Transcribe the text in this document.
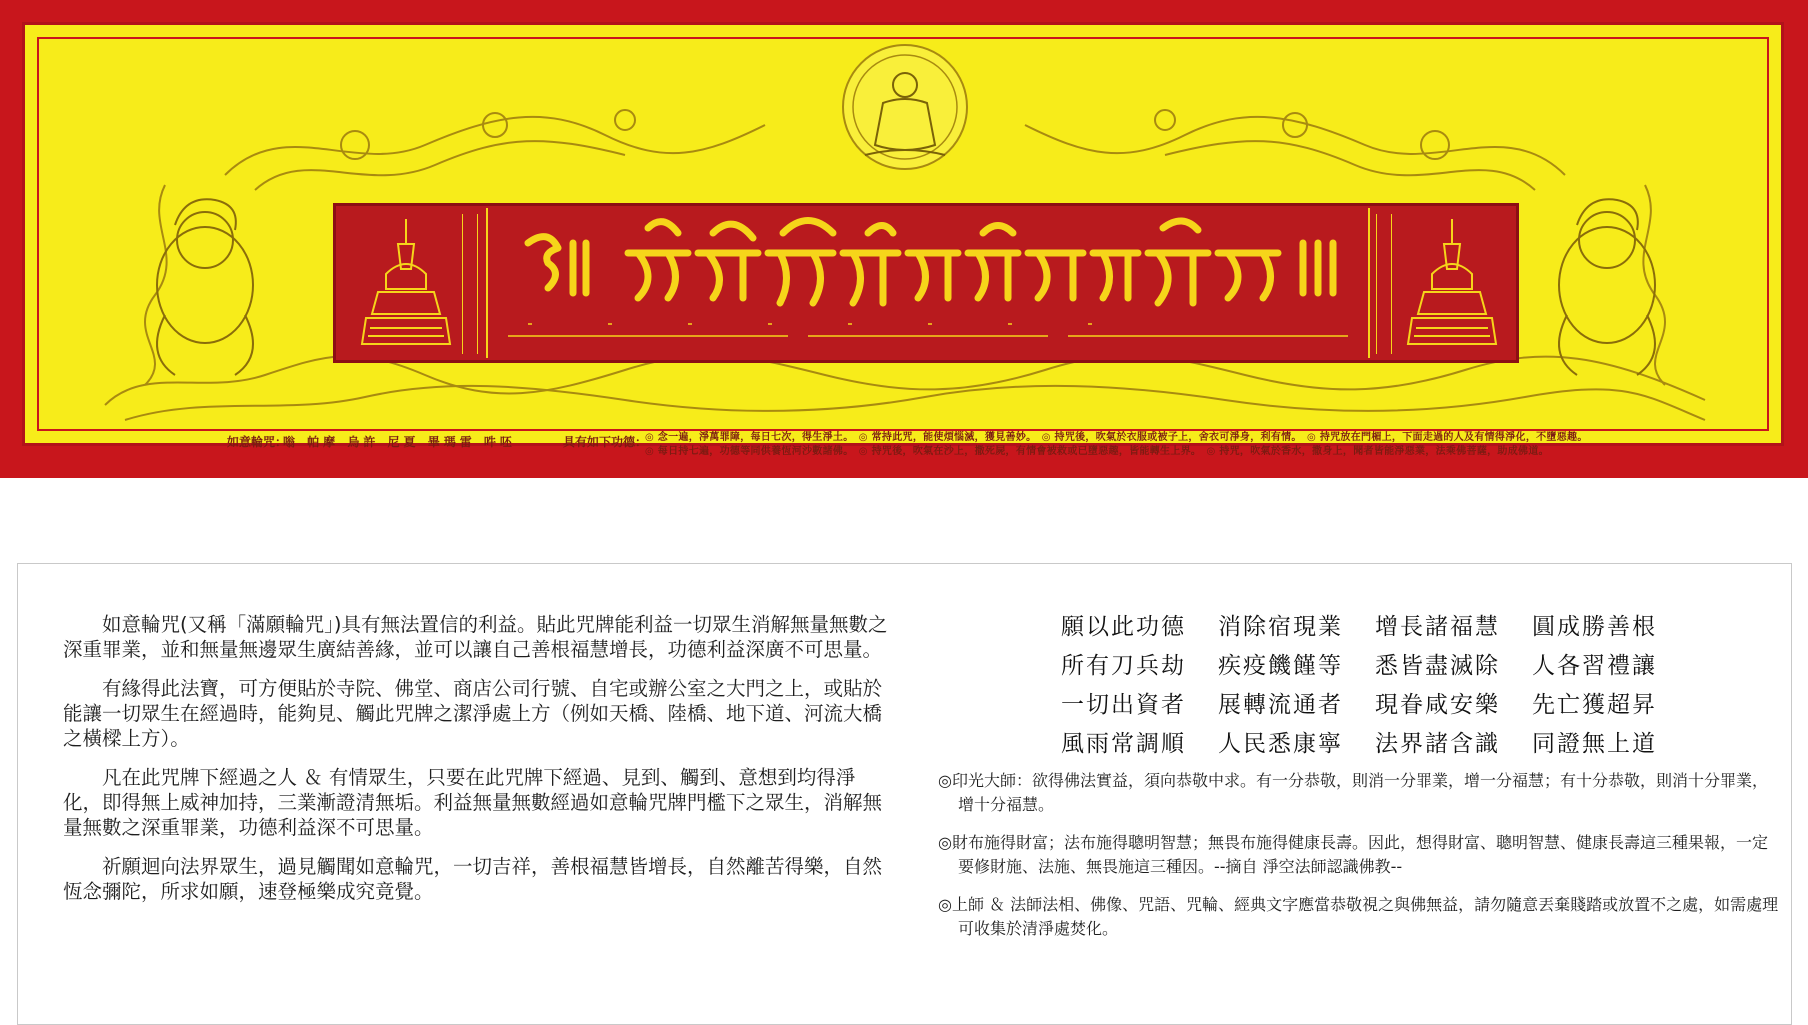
如意輪咒：
嗡 帕摩 烏許 尼夏 畢瑪雷 吽呸	具有如下功德：
◎ 念一遍，淨萬罪障，每日七次，得生淨土。　◎ 常持此咒，能使煩惱滅，獲見善妙。　◎ 持咒後，吹氣於衣服或被子上，舍衣可淨身，利有情。　◎ 持咒放在門楣上，下面走過的人及有情得淨化，不墮惡趣。
◎ 每日持七遍，功德等同供養恆河沙數諸佛。　◎ 持咒後，吹氣在沙上，撒死屍，有情會被救或已墮惡趣，皆能轉生上界。　◎ 持咒，吹氣於香水，撒身上，聞者皆能淨惡業，法乘佛菩薩，助成佛道。

如意輪咒(又稱「滿願輪咒」)具有無法置信的利益。貼此咒牌能利益一切眾生消解無量無數之深重罪業，並和無量無邊眾生廣結善緣，並可以讓自己善根福慧增長，功德利益深廣不可思量。

有緣得此法寶，可方便貼於寺院、佛堂、商店公司行號、自宅或辦公室之大門之上，或貼於能讓一切眾生在經過時，能夠見、觸此咒牌之潔淨處上方（例如天橋、陸橋、地下道、河流大橋之橫樑上方）。

凡在此咒牌下經過之人 ＆ 有情眾生，只要在此咒牌下經過、見到、觸到、意想到均得淨化，即得無上威神加持，三業漸證清無垢。利益無量無數經過如意輪咒牌門檻下之眾生，消解無量無數之深重罪業，功德利益深不可思量。

祈願迴向法界眾生，過見觸聞如意輪咒，一切吉祥，善根福慧皆增長，自然離苦得樂，自然恆念彌陀，所求如願，速登極樂成究竟覺。

願以此功德	消除宿現業	增長諸福慧	圓成勝善根
所有刀兵劫	疾疫饑饉等	悉皆盡滅除	人各習禮讓
一切出資者	展轉流通者	現眷咸安樂	先亡獲超昇
風雨常調順	人民悉康寧	法界諸含識	同證無上道
◎印光大師：欲得佛法實益，須向恭敬中求。有一分恭敬，則消一分罪業，增一分福慧；有十分恭敬，則消十分罪業，增十分福慧。
◎財布施得財富；法布施得聰明智慧；無畏布施得健康長壽。因此，想得財富、聰明智慧、健康長壽這三種果報，一定要修財施、法施、無畏施這三種因。--摘自 淨空法師認識佛教--
◎上師 ＆ 法師法相、佛像、咒語、咒輪、經典文字應當恭敬視之與佛無益，請勿隨意丟棄賤踏或放置不之處，如需處理可收集於清淨處焚化。
